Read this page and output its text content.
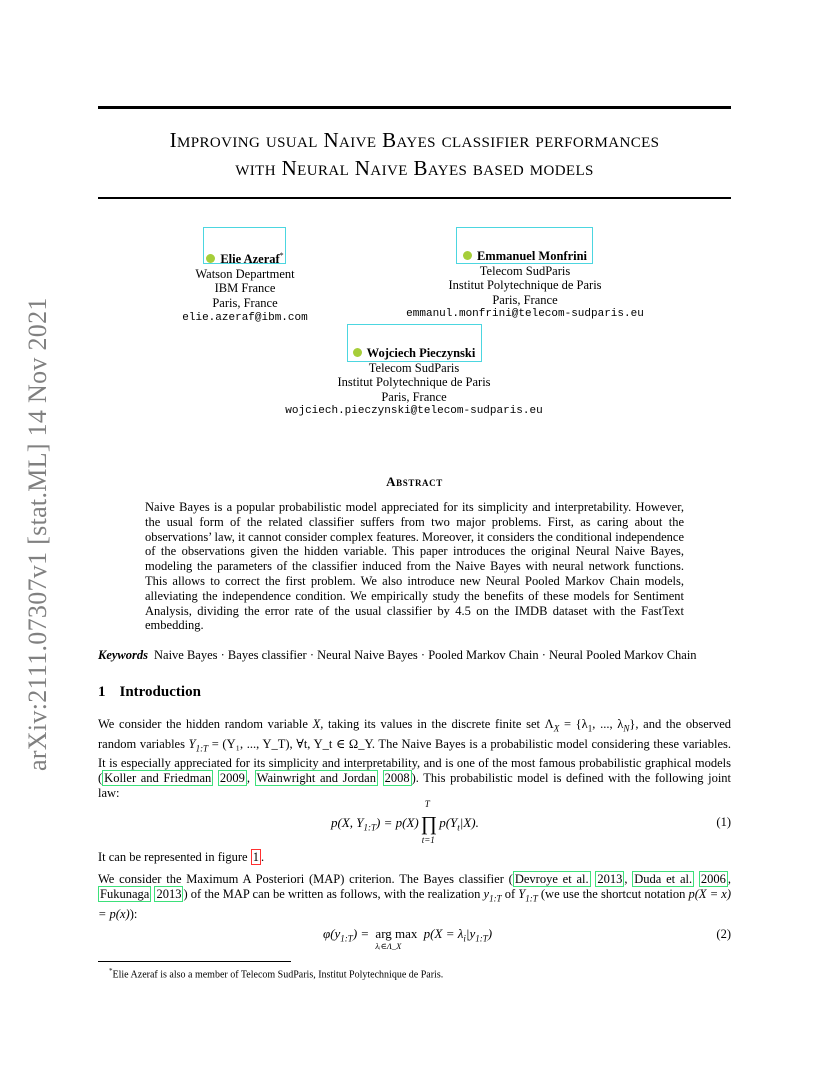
arXiv:2111.07307v1 [stat.ML] 14 Nov 2021
Improving usual Naive Bayes classifier performances
with Neural Naive Bayes based models
Elie Azeraf*
Watson Department
IBM France
Paris, France
elie.azeraf@ibm.com
Emmanuel Monfrini
Telecom SudParis
Institut Polytechnique de Paris
Paris, France
emmanul.monfrini@telecom-sudparis.eu
Wojciech Pieczynski
Telecom SudParis
Institut Polytechnique de Paris
Paris, France
wojciech.pieczynski@telecom-sudparis.eu
Abstract
Naive Bayes is a popular probabilistic model appreciated for its simplicity and interpretability. However, the usual form of the related classifier suffers from two major problems. First, as caring about the observations’ law, it cannot consider complex features. Moreover, it considers the conditional independence of the observations given the hidden variable. This paper introduces the original Neural Naive Bayes, modeling the parameters of the classifier induced from the Naive Bayes with neural network functions. This allows to correct the first problem. We also introduce new Neural Pooled Markov Chain models, alleviating the independence condition. We empirically study the benefits of these models for Sentiment Analysis, dividing the error rate of the usual classifier by 4.5 on the IMDB dataset with the FastText embedding.
Keywords Naive Bayes · Bayes classifier · Neural Naive Bayes · Pooled Markov Chain · Neural Pooled Markov Chain
1 Introduction
We consider the hidden random variable X, taking its values in the discrete finite set $\Lambda_X = \{\lambda_1$, ..., $\lambda_N$}, and the observed random variables $Y_{1:T} = (Y_1$, ..., Y_T), ∀t, Y_t ∈ Ω_Y. The Naive Bayes is a probabilistic model considering these variables. It is especially appreciated for its simplicity and interpretability, and is one of the most famous probabilistic graphical models ( Koller and Friedman 2009 , Wainwright and Jordan 2008 ). This probabilistic model is defined with the following joint law:
p(X, $Y_{1:T}) = p(X)$ ∏
T
t=1
$p(Y_t|X)$.	(1)
It can be represented in figure 1 .
We consider the Maximum A Posteriori (MAP) criterion. The Bayes classifier ( Devroye et al. 2013 , Duda et al. 2006 , Fukunaga 2013 ) of the MAP can be written as follows, with the realization $y_{1:T}$ of $Y_{1:T}$ (we use the shortcut notation p(X = x) = p(x)):
$\varphi(y_{1:T})$ = arg max
λᵢ∈Λ_X
$p(X = \lambda_i|y_{1:T})$	(2)
*Elie Azeraf is also a member of Telecom SudParis, Institut Polytechnique de Paris.
